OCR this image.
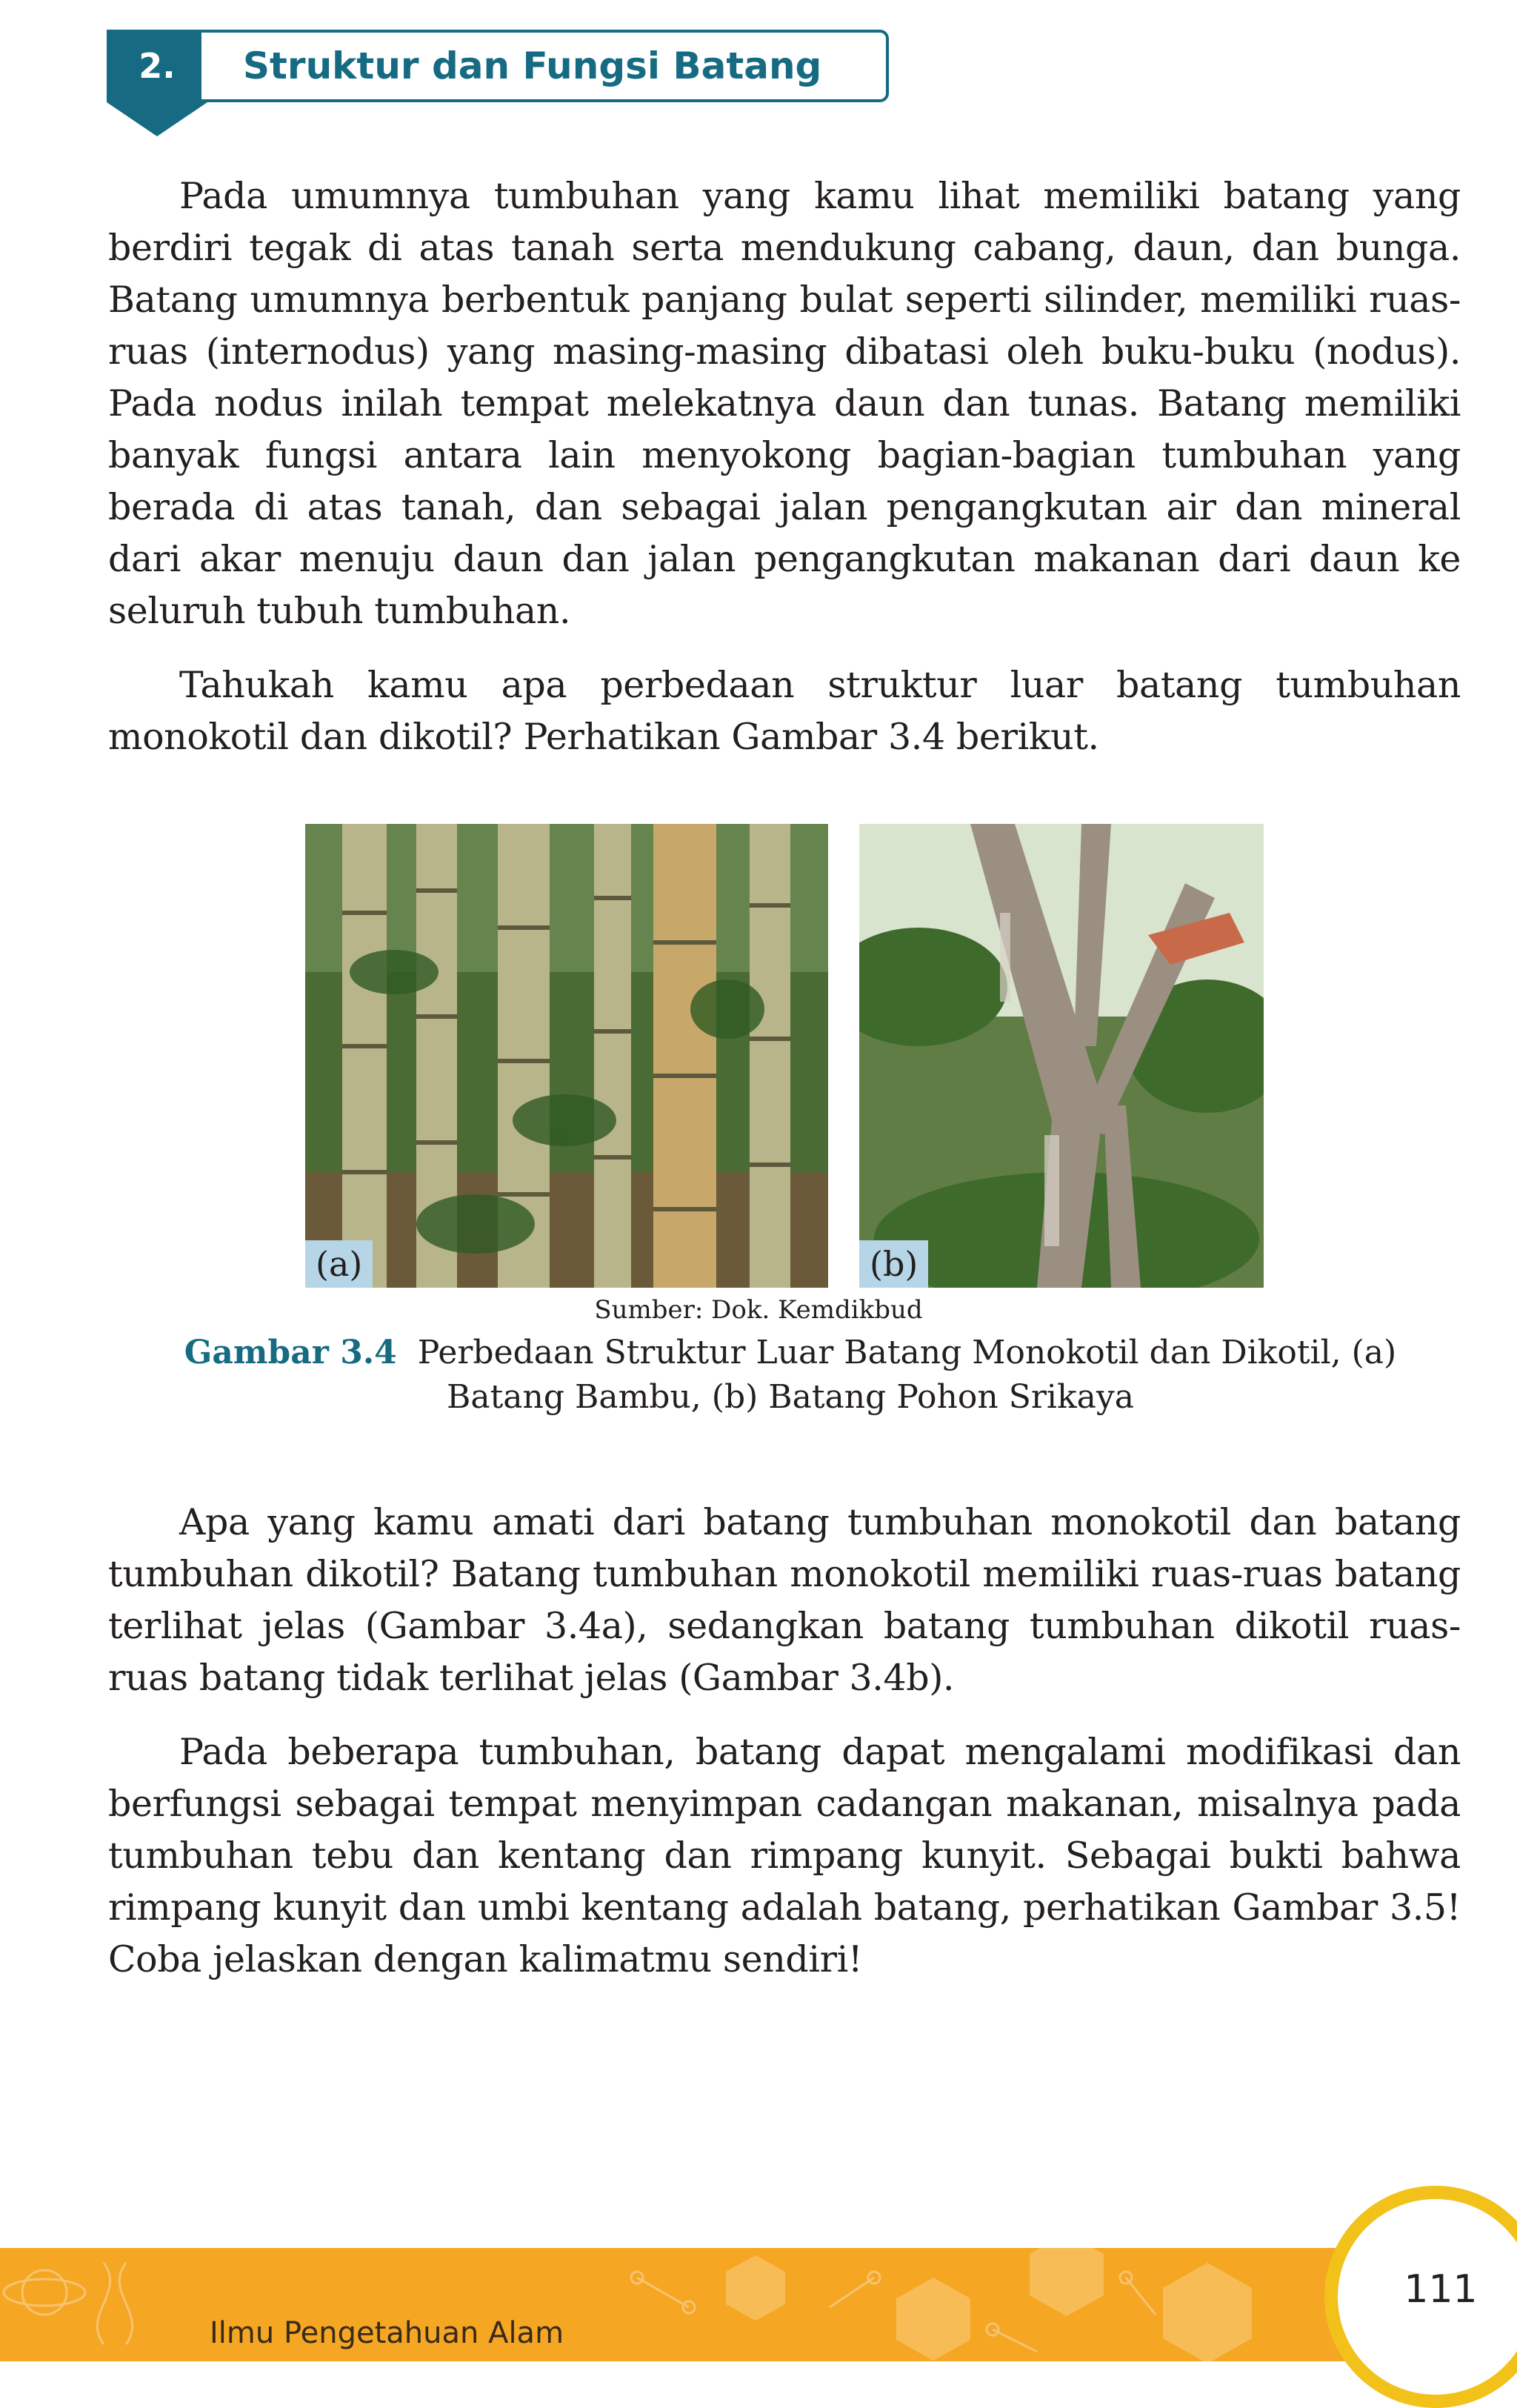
2. Struktur dan Fungsi Batang

Pada umumnya tumbuhan yang kamu lihat memiliki batang yang berdiri tegak di atas tanah serta mendukung cabang, daun, dan bunga. Batang umumnya berbentuk panjang bulat seperti silinder, memiliki ruas-ruas (internodus) yang masing-masing dibatasi oleh buku-buku (nodus). Pada nodus inilah tempat melekatnya daun dan tunas. Batang memiliki banyak fungsi antara lain menyokong bagian-bagian tumbuhan yang berada di atas tanah, dan sebagai jalan pengangkutan air dan mineral dari akar menuju daun dan jalan pengangkutan makanan dari daun ke seluruh tubuh tumbuhan.

Tahukah kamu apa perbedaan struktur luar batang tumbuhan monokotil dan dikotil? Perhatikan Gambar 3.4 berikut.

(a)	(b)
Sumber: Dok. Kemdikbud
Gambar 3.4 Perbedaan Struktur Luar Batang Monokotil dan Dikotil, (a) Batang Bambu, (b) Batang Pohon Srikaya

Apa yang kamu amati dari batang tumbuhan monokotil dan batang tumbuhan dikotil? Batang tumbuhan monokotil memiliki ruas-ruas batang terlihat jelas (Gambar 3.4a), sedangkan batang tumbuhan dikotil ruas-ruas batang tidak terlihat jelas (Gambar 3.4b).

Pada beberapa tumbuhan, batang dapat mengalami modifikasi dan berfungsi sebagai tempat menyimpan cadangan makanan, misalnya pada tumbuhan tebu dan kentang dan rimpang kunyit. Sebagai bukti bahwa rimpang kunyit dan umbi kentang adalah batang, perhatikan Gambar 3.5! Coba jelaskan dengan kalimatmu sendiri!

Ilmu Pengetahuan Alam
111
